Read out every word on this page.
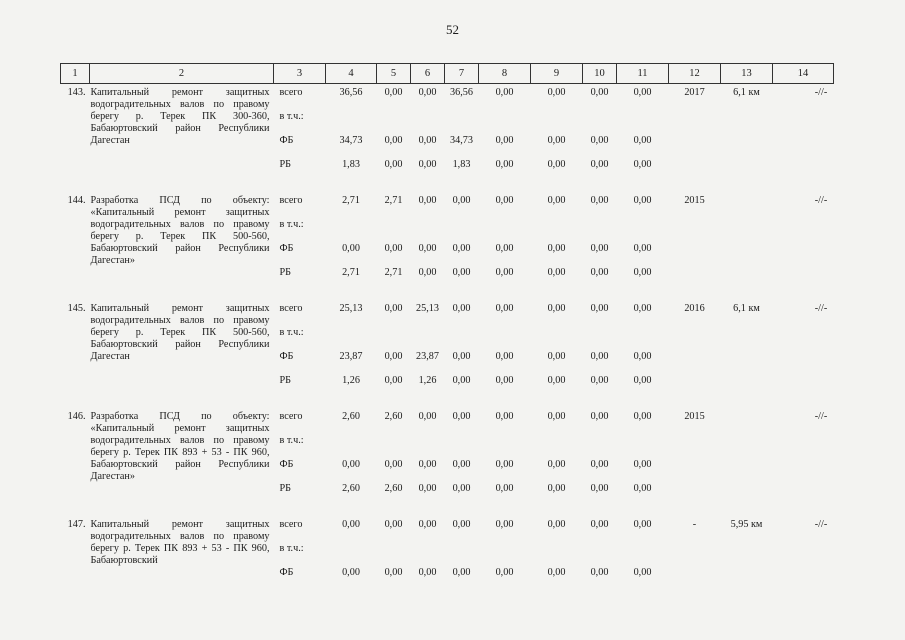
52
1	2	3	4	5	6	7	8	9	10	11	12	13	14
143.	Капитальный ремонт защитных водоградительных валов по правому берегу р. Терек ПК 300-360, Бабаюртовский район Республики Дагестан	всего	36,56	0,00	0,00	36,56	0,00	0,00	0,00	0,00	2017	6,1 км	-//-
		в т.ч.:											
		ФБ	34,73	0,00	0,00	34,73	0,00	0,00	0,00	0,00			
		РБ	1,83	0,00	0,00	1,83	0,00	0,00	0,00	0,00			

144.	Разработка ПСД по объекту: «Капитальный ремонт защитных водоградительных валов по правому берегу р. Терек ПК 500-560, Бабаюртовский район Республики Дагестан»	всего	2,71	2,71	0,00	0,00	0,00	0,00	0,00	0,00	2015		-//-
		в т.ч.:											
		ФБ	0,00	0,00	0,00	0,00	0,00	0,00	0,00	0,00			
		РБ	2,71	2,71	0,00	0,00	0,00	0,00	0,00	0,00			

145.	Капитальный ремонт защитных водоградительных валов по правому берегу р. Терек ПК 500-560, Бабаюртовский район Республики Дагестан	всего	25,13	0,00	25,13	0,00	0,00	0,00	0,00	0,00	2016	6,1 км	-//-
		в т.ч.:											
		ФБ	23,87	0,00	23,87	0,00	0,00	0,00	0,00	0,00			
		РБ	1,26	0,00	1,26	0,00	0,00	0,00	0,00	0,00			

146.	Разработка ПСД по объекту: «Капитальный ремонт защитных водоградительных валов по правому берегу р. Терек ПК 893 + 53 - ПК 960, Бабаюртовский район Республики Дагестан»	всего	2,60	2,60	0,00	0,00	0,00	0,00	0,00	0,00	2015		-//-
		в т.ч.:											
		ФБ	0,00	0,00	0,00	0,00	0,00	0,00	0,00	0,00			
		РБ	2,60	2,60	0,00	0,00	0,00	0,00	0,00	0,00			

147.	Капитальный ремонт защитных водоградительных валов по правому берегу р. Терек ПК 893 + 53 - ПК 960, Бабаюртовский	всего	0,00	0,00	0,00	0,00	0,00	0,00	0,00	0,00	-	5,95 км	-//-
		в т.ч.:											
		ФБ	0,00	0,00	0,00	0,00	0,00	0,00	0,00	0,00			
